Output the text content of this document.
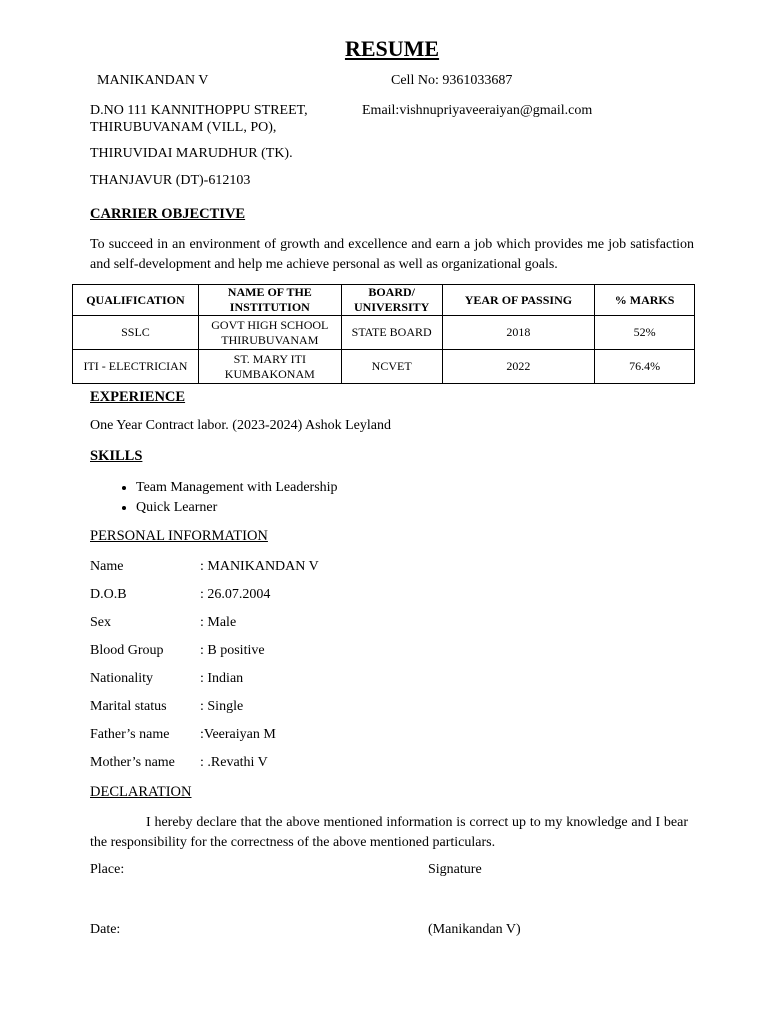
RESUME
MANIKANDAN V	Cell No: 9361033687
D.NO 111 KANNITHOPPU STREET,	Email:vishnupriyaveeraiyan@gmail.com
THIRUBUVANAM (VILL, PO),
THIRUVIDAI MARUDHUR (TK).
THANJAVUR (DT)-612103
CARRIER OBJECTIVE
To succeed in an environment of growth and excellence and earn a job which provides me job satisfaction and self-development and help me achieve personal as well as organizational goals.
QUALIFICATION	NAME OF THE INSTITUTION	BOARD/ UNIVERSITY	YEAR OF PASSING	% MARKS
SSLC	GOVT HIGH SCHOOL THIRUBUVANAM	STATE BOARD	2018	52%
ITI - ELECTRICIAN	ST. MARY ITI KUMBAKONAM	NCVET	2022	76.4%
EXPERIENCE
One Year Contract labor. (2023-2024) Ashok Leyland
SKILLS
• Team Management with Leadership
• Quick Learner
PERSONAL INFORMATION
Name	: MANIKANDAN V
D.O.B	: 26.07.2004
Sex	: Male
Blood Group	: B positive
Nationality	: Indian
Marital status : Single
Father’s name :Veeraiyan M
Mother’s name : .Revathi V
DECLARATION
I hereby declare that the above mentioned information is correct up to my knowledge and I bear the responsibility for the correctness of the above mentioned particulars.
Place:	Signature
Date:	(Manikandan V)
